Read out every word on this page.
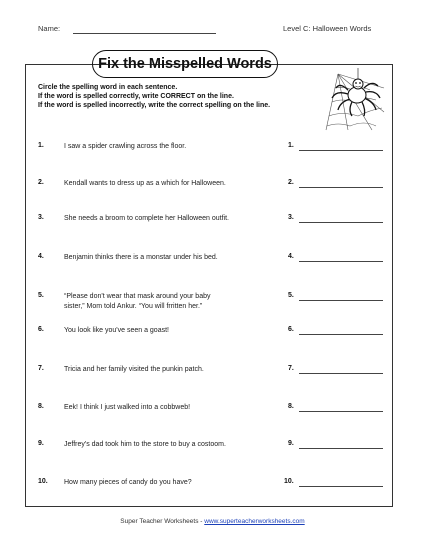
Name:	Level C: Halloween Words
Fix the Misspelled Words
Circle the spelling word in each sentence.
If the word is spelled correctly, write CORRECT on the line.
If the word is spelled incorrectly, write the correct spelling on the line.
1.	I saw a spider crawling across the floor.	1.
2.	Kendall wants to dress up as a which for Halloween.	2.
3.	She needs a broom to complete her Halloween outfit.	3.
4.	Benjamin thinks there is a monstar under his bed.	4.
5.	“Please don't wear that mask around your baby
sister,” Mom told Ankur. “You will frritten her.”
5.
6.	You look like you've seen a goast!	6.
7.	Tricia and her family visited the punkin patch.	7.
8.	Eek! I think I just walked into a cobbweb!	8.
9.	Jeffrey's dad took him to the store to buy a costoom.	9.
10. How many pieces of candy do you have?	10.
Super Teacher Worksheets - www.superteacherworksheets.com
